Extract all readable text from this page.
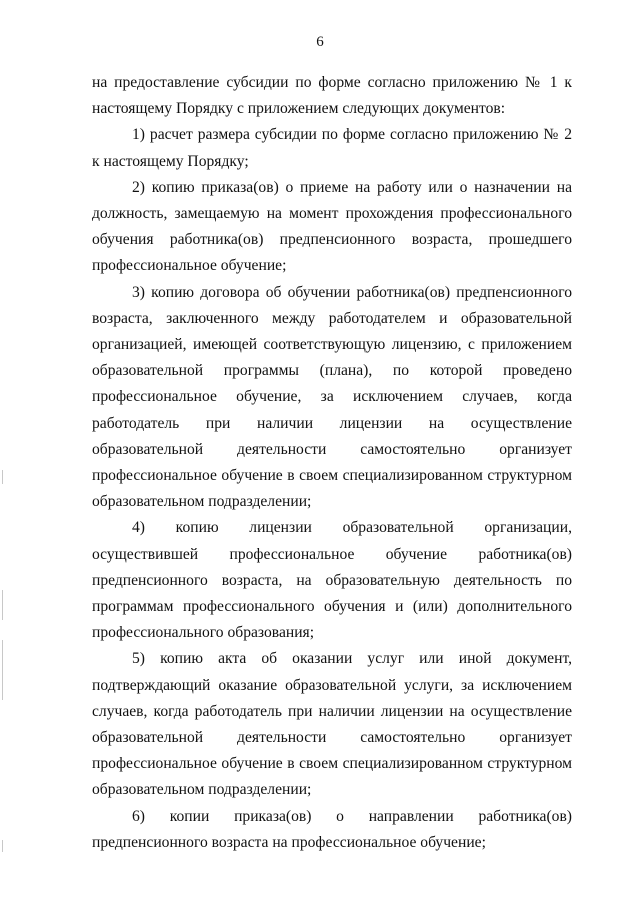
6

на предоставление субсидии по форме согласно приложению № 1 к настоящему Порядку с приложением следующих документов:

1) расчет размера субсидии по форме согласно приложению № 2 к настоящему Порядку;

2) копию приказа(ов) о приеме на работу или о назначении на должность, замещаемую на момент прохождения профессионального обучения работника(ов) предпенсионного возраста, прошедшего профессиональное обучение;

3) копию договора об обучении работника(ов) предпенсионного возраста, заключенного между работодателем и образовательной организацией, имеющей соответствующую лицензию, с приложением образовательной программы (плана), по которой проведено профессиональное обучение, за исключением случаев, когда работодатель при наличии лицензии на осуществление образовательной деятельности самостоятельно организует профессиональное обучение в своем специализированном структурном образовательном подразделении;

4) копию лицензии образовательной организации, осуществившей профессиональное обучение работника(ов) предпенсионного возраста, на образовательную деятельность по программам профессионального обучения и (или) дополнительного профессионального образования;

5) копию акта об оказании услуг или иной документ, подтверждающий оказание образовательной услуги, за исключением случаев, когда работодатель при наличии лицензии на осуществление образовательной деятельности самостоятельно организует профессиональное обучение в своем специализированном структурном образовательном подразделении;

6) копии приказа(ов) о направлении работника(ов) предпенсионного возраста на профессиональное обучение;
